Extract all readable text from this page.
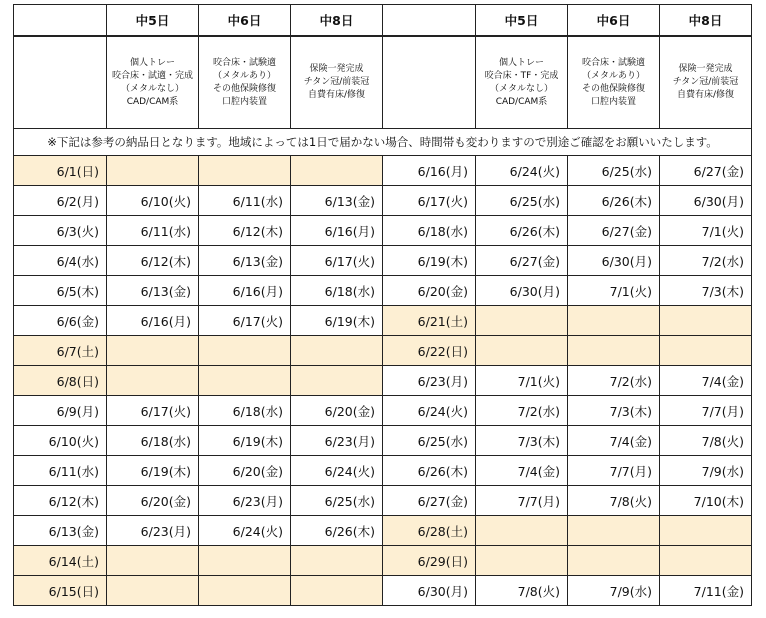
	中5日	中6日	中8日		中5日	中6日	中8日

	個人トレー
咬合床・試適・完成
（メタルなし）
CAD/CAM系	咬合床・試験適
（メタルあり）
その他保険修復
口腔内装置	保険一発完成
チタン冠/前装冠
自費有床/修復		個人トレー
咬合床・TF・完成
（メタルなし）
CAD/CAM系	咬合床・試験適
（メタルあり）
その他保険修復
口腔内装置	保険一発完成
チタン冠/前装冠
自費有床/修復

※下記は参考の納品日となります。地域によっては1日で届かない場合、時間帯も変わりますので別途ご確認をお願いいたします。							
6/1(日)				6/16(月)	6/24(火)	6/25(水)	6/27(金)
6/2(月)	6/10(火)	6/11(水)	6/13(金)	6/17(火)	6/25(水)	6/26(木)	6/30(月)
6/3(火)	6/11(水)	6/12(木)	6/16(月)	6/18(水)	6/26(木)	6/27(金)	7/1(火)
6/4(水)	6/12(木)	6/13(金)	6/17(火)	6/19(木)	6/27(金)	6/30(月)	7/2(水)
6/5(木)	6/13(金)	6/16(月)	6/18(水)	6/20(金)	6/30(月)	7/1(火)	7/3(木)
6/6(金)	6/16(月)	6/17(火)	6/19(木)	6/21(土)			
6/7(土)				6/22(日)			
6/8(日)				6/23(月)	7/1(火)	7/2(水)	7/4(金)
6/9(月)	6/17(火)	6/18(水)	6/20(金)	6/24(火)	7/2(水)	7/3(木)	7/7(月)
6/10(火)	6/18(水)	6/19(木)	6/23(月)	6/25(水)	7/3(木)	7/4(金)	7/8(火)
6/11(水)	6/19(木)	6/20(金)	6/24(火)	6/26(木)	7/4(金)	7/7(月)	7/9(水)
6/12(木)	6/20(金)	6/23(月)	6/25(水)	6/27(金)	7/7(月)	7/8(火)	7/10(木)
6/13(金)	6/23(月)	6/24(火)	6/26(木)	6/28(土)			
6/14(土)				6/29(日)			
6/15(日)				6/30(月)	7/8(火)	7/9(水)	7/11(金)
